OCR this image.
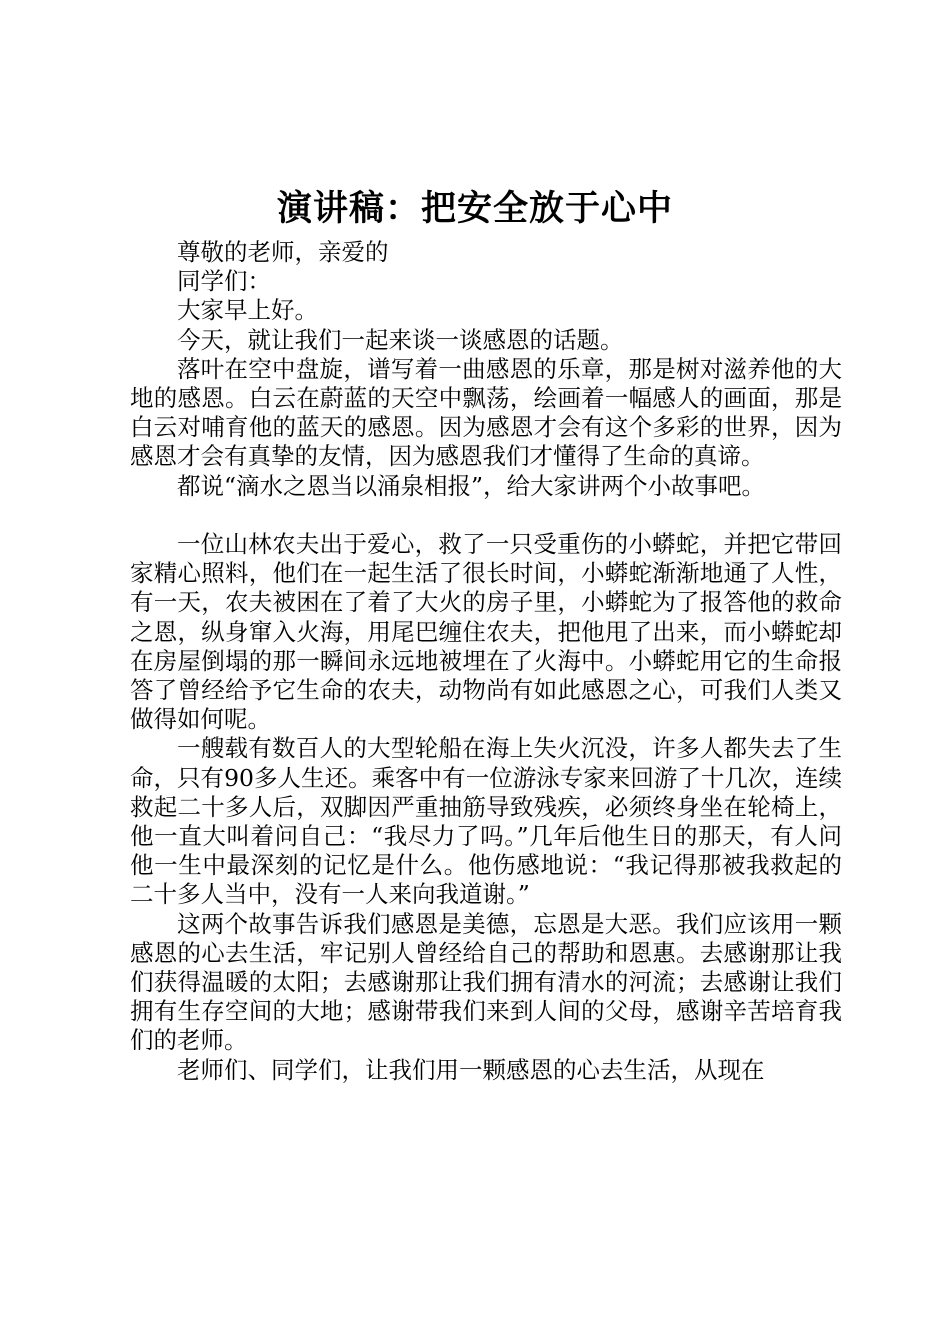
演讲稿：把安全放于心中

尊敬的老师，亲爱的

同学们：

大家早上好。

今天，就让我们一起来谈一谈感恩的话题。

落叶在空中盘旋，谱写着一曲感恩的乐章，那是树对滋养他的大地的感恩。白云在蔚蓝的天空中飘荡，绘画着一幅感人的画面，那是白云对哺育他的蓝天的感恩。因为感恩才会有这个多彩的世界，因为感恩才会有真挚的友情，因为感恩我们才懂得了生命的真谛。

都说“滴水之恩当以涌泉相报”，给大家讲两个小故事吧。

一位山林农夫出于爱心，救了一只受重伤的小蟒蛇，并把它带回家精心照料，他们在一起生活了很长时间，小蟒蛇渐渐地通了人性，有一天，农夫被困在了着了大火的房子里，小蟒蛇为了报答他的救命之恩，纵身窜入火海，用尾巴缠住农夫，把他甩了出来，而小蟒蛇却在房屋倒塌的那一瞬间永远地被埋在了火海中。小蟒蛇用它的生命报答了曾经给予它生命的农夫，动物尚有如此感恩之心，可我们人类又做得如何呢。

一艘载有数百人的大型轮船在海上失火沉没，许多人都失去了生命，只有90多人生还。乘客中有一位游泳专家来回游了十几次，连续救起二十多人后，双脚因严重抽筋导致残疾，必须终身坐在轮椅上，他一直大叫着问自己：“我尽力了吗。”几年后他生日的那天，有人问他一生中最深刻的记忆是什么。他伤感地说：“我记得那被我救起的二十多人当中，没有一人来向我道谢。”

这两个故事告诉我们感恩是美德，忘恩是大恶。我们应该用一颗感恩的心去生活，牢记别人曾经给自己的帮助和恩惠。去感谢那让我们获得温暖的太阳；去感谢那让我们拥有清水的河流；去感谢让我们拥有生存空间的大地；感谢带我们来到人间的父母，感谢辛苦培育我们的老师。

老师们、同学们，让我们用一颗感恩的心去生活，从现在
